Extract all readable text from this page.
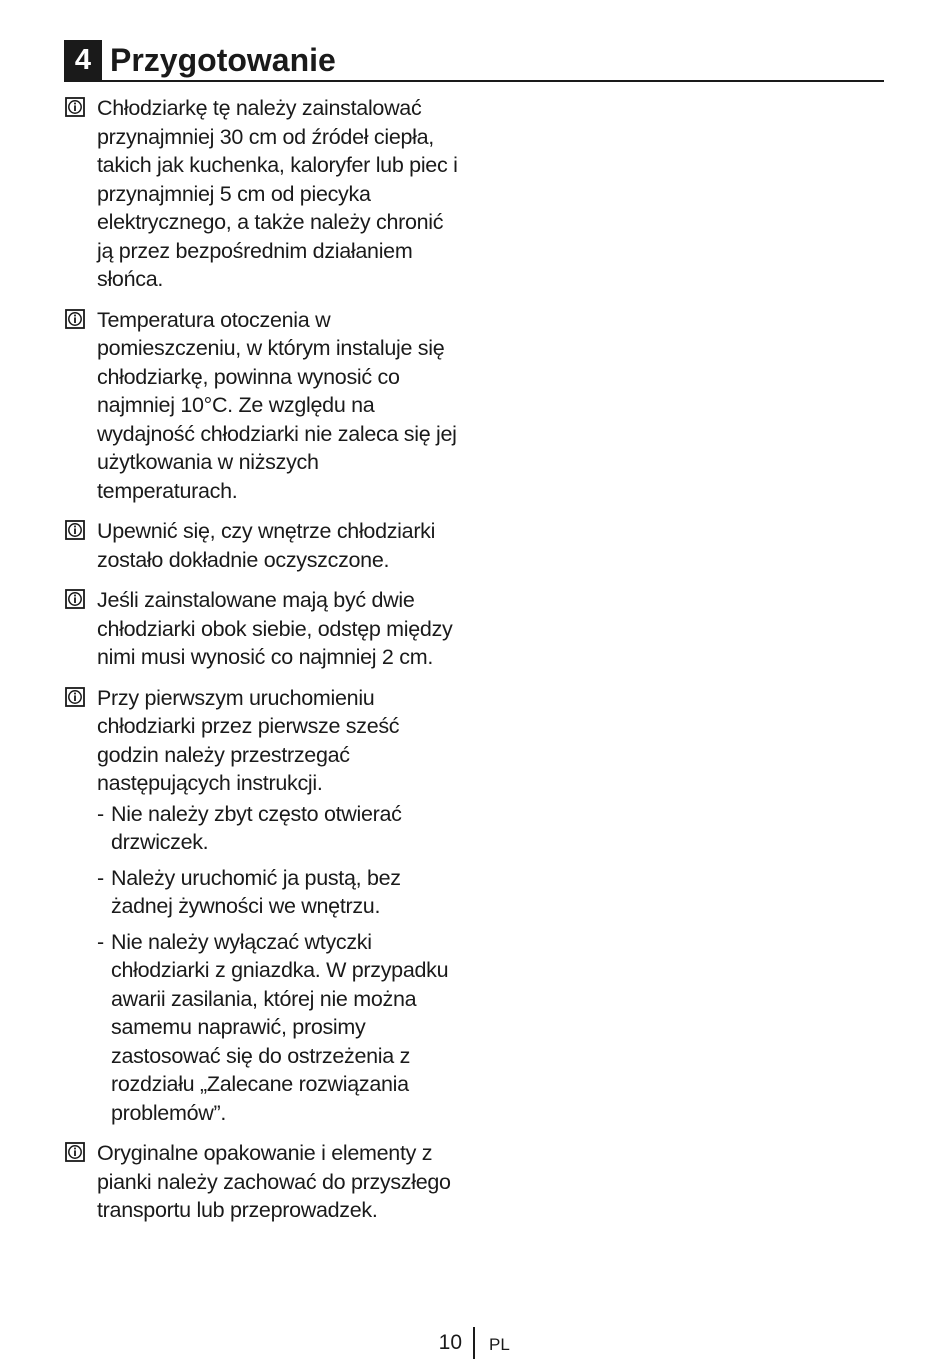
4 Przygotowanie
Chłodziarkę tę należy zainstalować przynajmniej 30 cm od źródeł ciepła, takich jak kuchenka, kaloryfer lub piec i przynajmniej 5 cm od piecyka elektrycznego, a także należy chronić ją przez bezpośrednim działaniem słońca.
Temperatura otoczenia w pomieszczeniu, w którym instaluje się chłodziarkę, powinna wynosić co najmniej 10°C. Ze względu na wydajność chłodziarki nie zaleca się jej użytkowania w niższych temperaturach.
Upewnić się, czy wnętrze chłodziarki zostało dokładnie oczyszczone.
Jeśli zainstalowane mają być dwie chłodziarki obok siebie, odstęp między nimi musi wynosić co najmniej 2 cm.
Przy pierwszym uruchomieniu chłodziarki przez pierwsze sześć godzin należy przestrzegać następujących instrukcji.
- Nie należy zbyt często otwierać drzwiczek.
- Należy uruchomić ja pustą, bez żadnej żywności we wnętrzu.
- Nie należy wyłączać wtyczki chłodziarki z gniazdka. W przypadku awarii zasilania, której nie można samemu naprawić, prosimy zastosować się do ostrzeżenia z rozdziału „Zalecane rozwiązania problemów”.
Oryginalne opakowanie i elementy z pianki należy zachować do przyszłego transportu lub przeprowadzek.
10 PL
